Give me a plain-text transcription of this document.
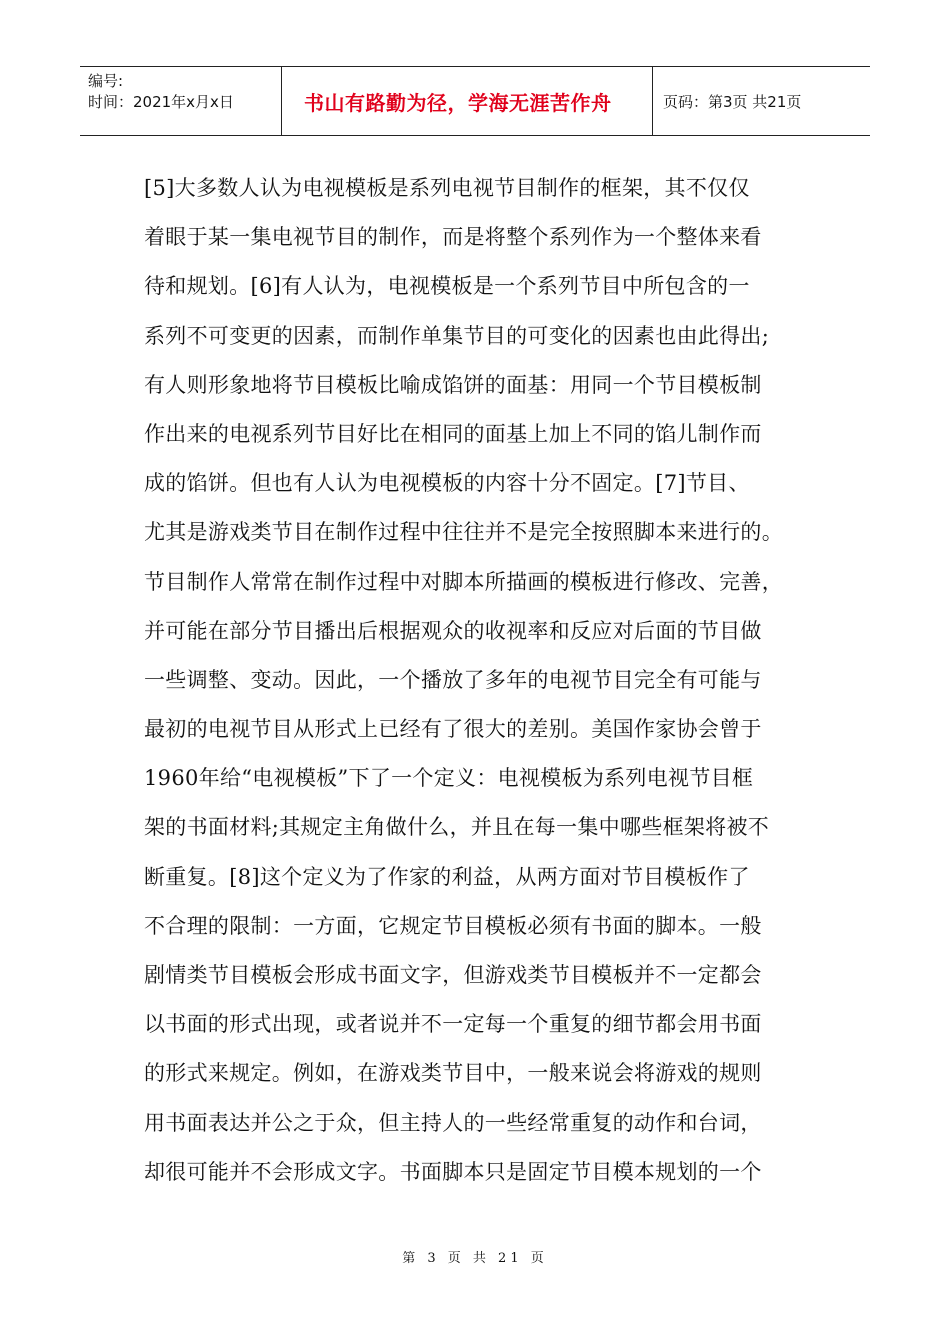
编号:
时间：2021年x月x日	书山有路勤为径，学海无涯苦作舟	页码：第3页 共21页
[5]大多数人认为电视模板是系列电视节目制作的框架，其不仅仅
着眼于某一集电视节目的制作，而是将整个系列作为一个整体来看
待和规划。[6]有人认为，电视模板是一个系列节目中所包含的一
系列不可变更的因素，而制作单集节目的可变化的因素也由此得出;
有人则形象地将节目模板比喻成馅饼的面基：用同一个节目模板制
作出来的电视系列节目好比在相同的面基上加上不同的馅儿制作而
成的馅饼。但也有人认为电视模板的内容十分不固定。[7]节目、
尤其是游戏类节目在制作过程中往往并不是完全按照脚本来进行的。
节目制作人常常在制作过程中对脚本所描画的模板进行修改、完善，
并可能在部分节目播出后根据观众的收视率和反应对后面的节目做
一些调整、变动。因此，一个播放了多年的电视节目完全有可能与
最初的电视节目从形式上已经有了很大的差别。美国作家协会曾于
1960年给“电视模板”下了一个定义：电视模板为系列电视节目框
架的书面材料;其规定主角做什么，并且在每一集中哪些框架将被不
断重复。[8]这个定义为了作家的利益，从两方面对节目模板作了
不合理的限制：一方面，它规定节目模板必须有书面的脚本。一般
剧情类节目模板会形成书面文字，但游戏类节目模板并不一定都会
以书面的形式出现，或者说并不一定每一个重复的细节都会用书面
的形式来规定。例如，在游戏类节目中，一般来说会将游戏的规则
用书面表达并公之于众，但主持人的一些经常重复的动作和台词，
却很可能并不会形成文字。书面脚本只是固定节目模本规划的一个
第 3 页 共 21 页
